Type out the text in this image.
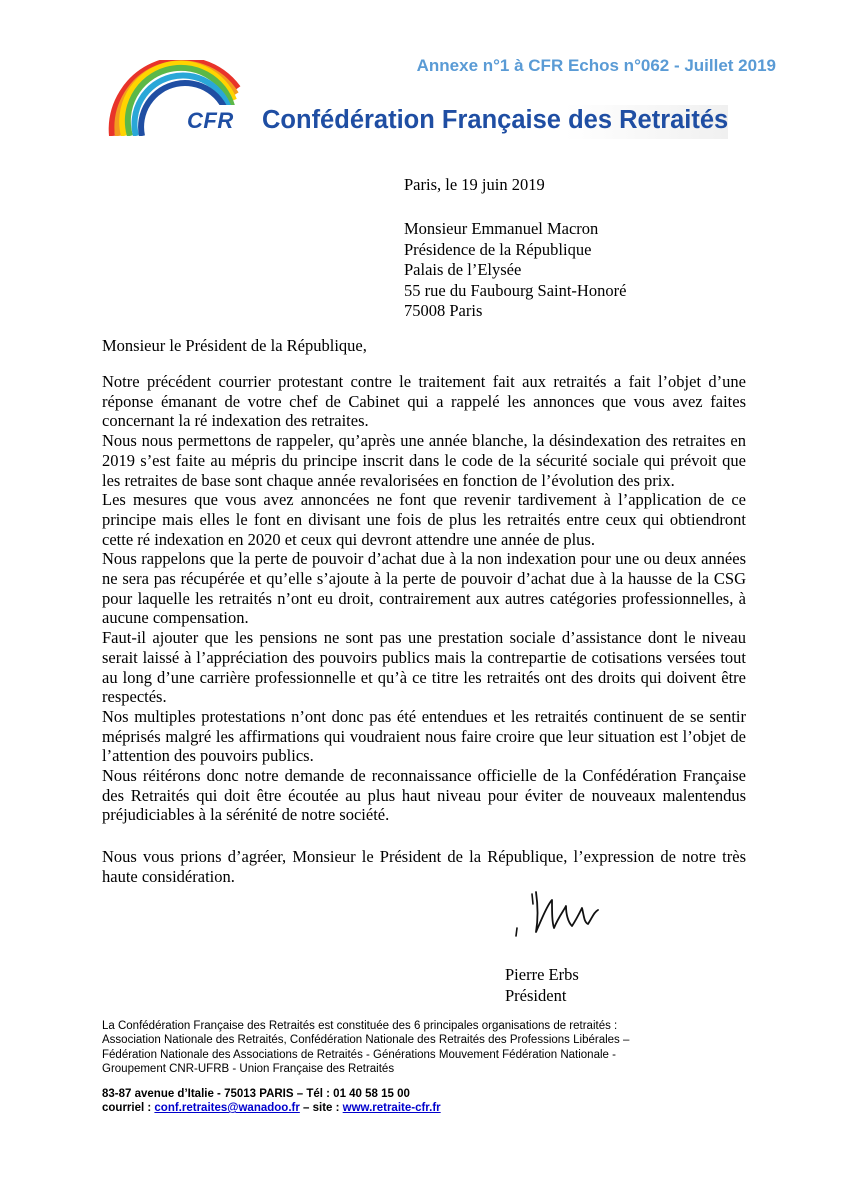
Annexe n°1 à CFR Echos n°062 - Juillet 2019
CFR Confédération Française des Retraités
Paris, le 19 juin 2019
Monsieur Emmanuel Macron
Présidence de la République
Palais de l’Elysée
55 rue du Faubourg Saint-Honoré
75008 Paris
Monsieur le Président de la République,

Notre précédent courrier protestant contre le traitement fait aux retraités a fait l’objet d’une réponse émanant de votre chef de Cabinet qui a rappelé les annonces que vous avez faites concernant la ré indexation des retraites.

Nous nous permettons de rappeler, qu’après une année blanche, la désindexation des retraites en 2019 s’est faite au mépris du principe inscrit dans le code de la sécurité sociale qui prévoit que les retraites de base sont chaque année revalorisées en fonction de l’évolution des prix.

Les mesures que vous avez annoncées ne font que revenir tardivement à l’application de ce principe mais elles le font en divisant une fois de plus les retraités entre ceux qui obtiendront cette ré indexation en 2020 et ceux qui devront attendre une année de plus.

Nous rappelons que la perte de pouvoir d’achat due à la non indexation pour une ou deux années ne sera pas récupérée et qu’elle s’ajoute à la perte de pouvoir d’achat due à la hausse de la CSG pour laquelle les retraités n’ont eu droit, contrairement aux autres catégories professionnelles, à aucune compensation.

Faut-il ajouter que les pensions ne sont pas une prestation sociale d’assistance dont le niveau serait laissé à l’appréciation des pouvoirs publics mais la contrepartie de cotisations versées tout au long d’une carrière professionnelle et qu’à ce titre les retraités ont des droits qui doivent être respectés.

Nos multiples protestations n’ont donc pas été entendues et les retraités continuent de se sentir méprisés malgré les affirmations qui voudraient nous faire croire que leur situation est l’objet de l’attention des pouvoirs publics.

Nous réitérons donc notre demande de reconnaissance officielle de la Confédération Française des Retraités qui doit être écoutée au plus haut niveau pour éviter de nouveaux malentendus préjudiciables à la sérénité de notre société.

Nous vous prions d’agréer, Monsieur le Président de la République, l’expression de notre très haute considération.
Pierre Erbs
Président
La Confédération Française des Retraités est constituée des 6 principales organisations de retraités :
Association Nationale des Retraités, Confédération Nationale des Retraités des Professions Libérales –
Fédération Nationale des Associations de Retraités - Générations Mouvement Fédération Nationale -
Groupement CNR-UFRB - Union Française des Retraités
83-87 avenue d’Italie - 75013 PARIS – Tél : 01 40 58 15 00
courriel : conf.retraites@wanadoo.fr – site : www.retraite-cfr.fr
